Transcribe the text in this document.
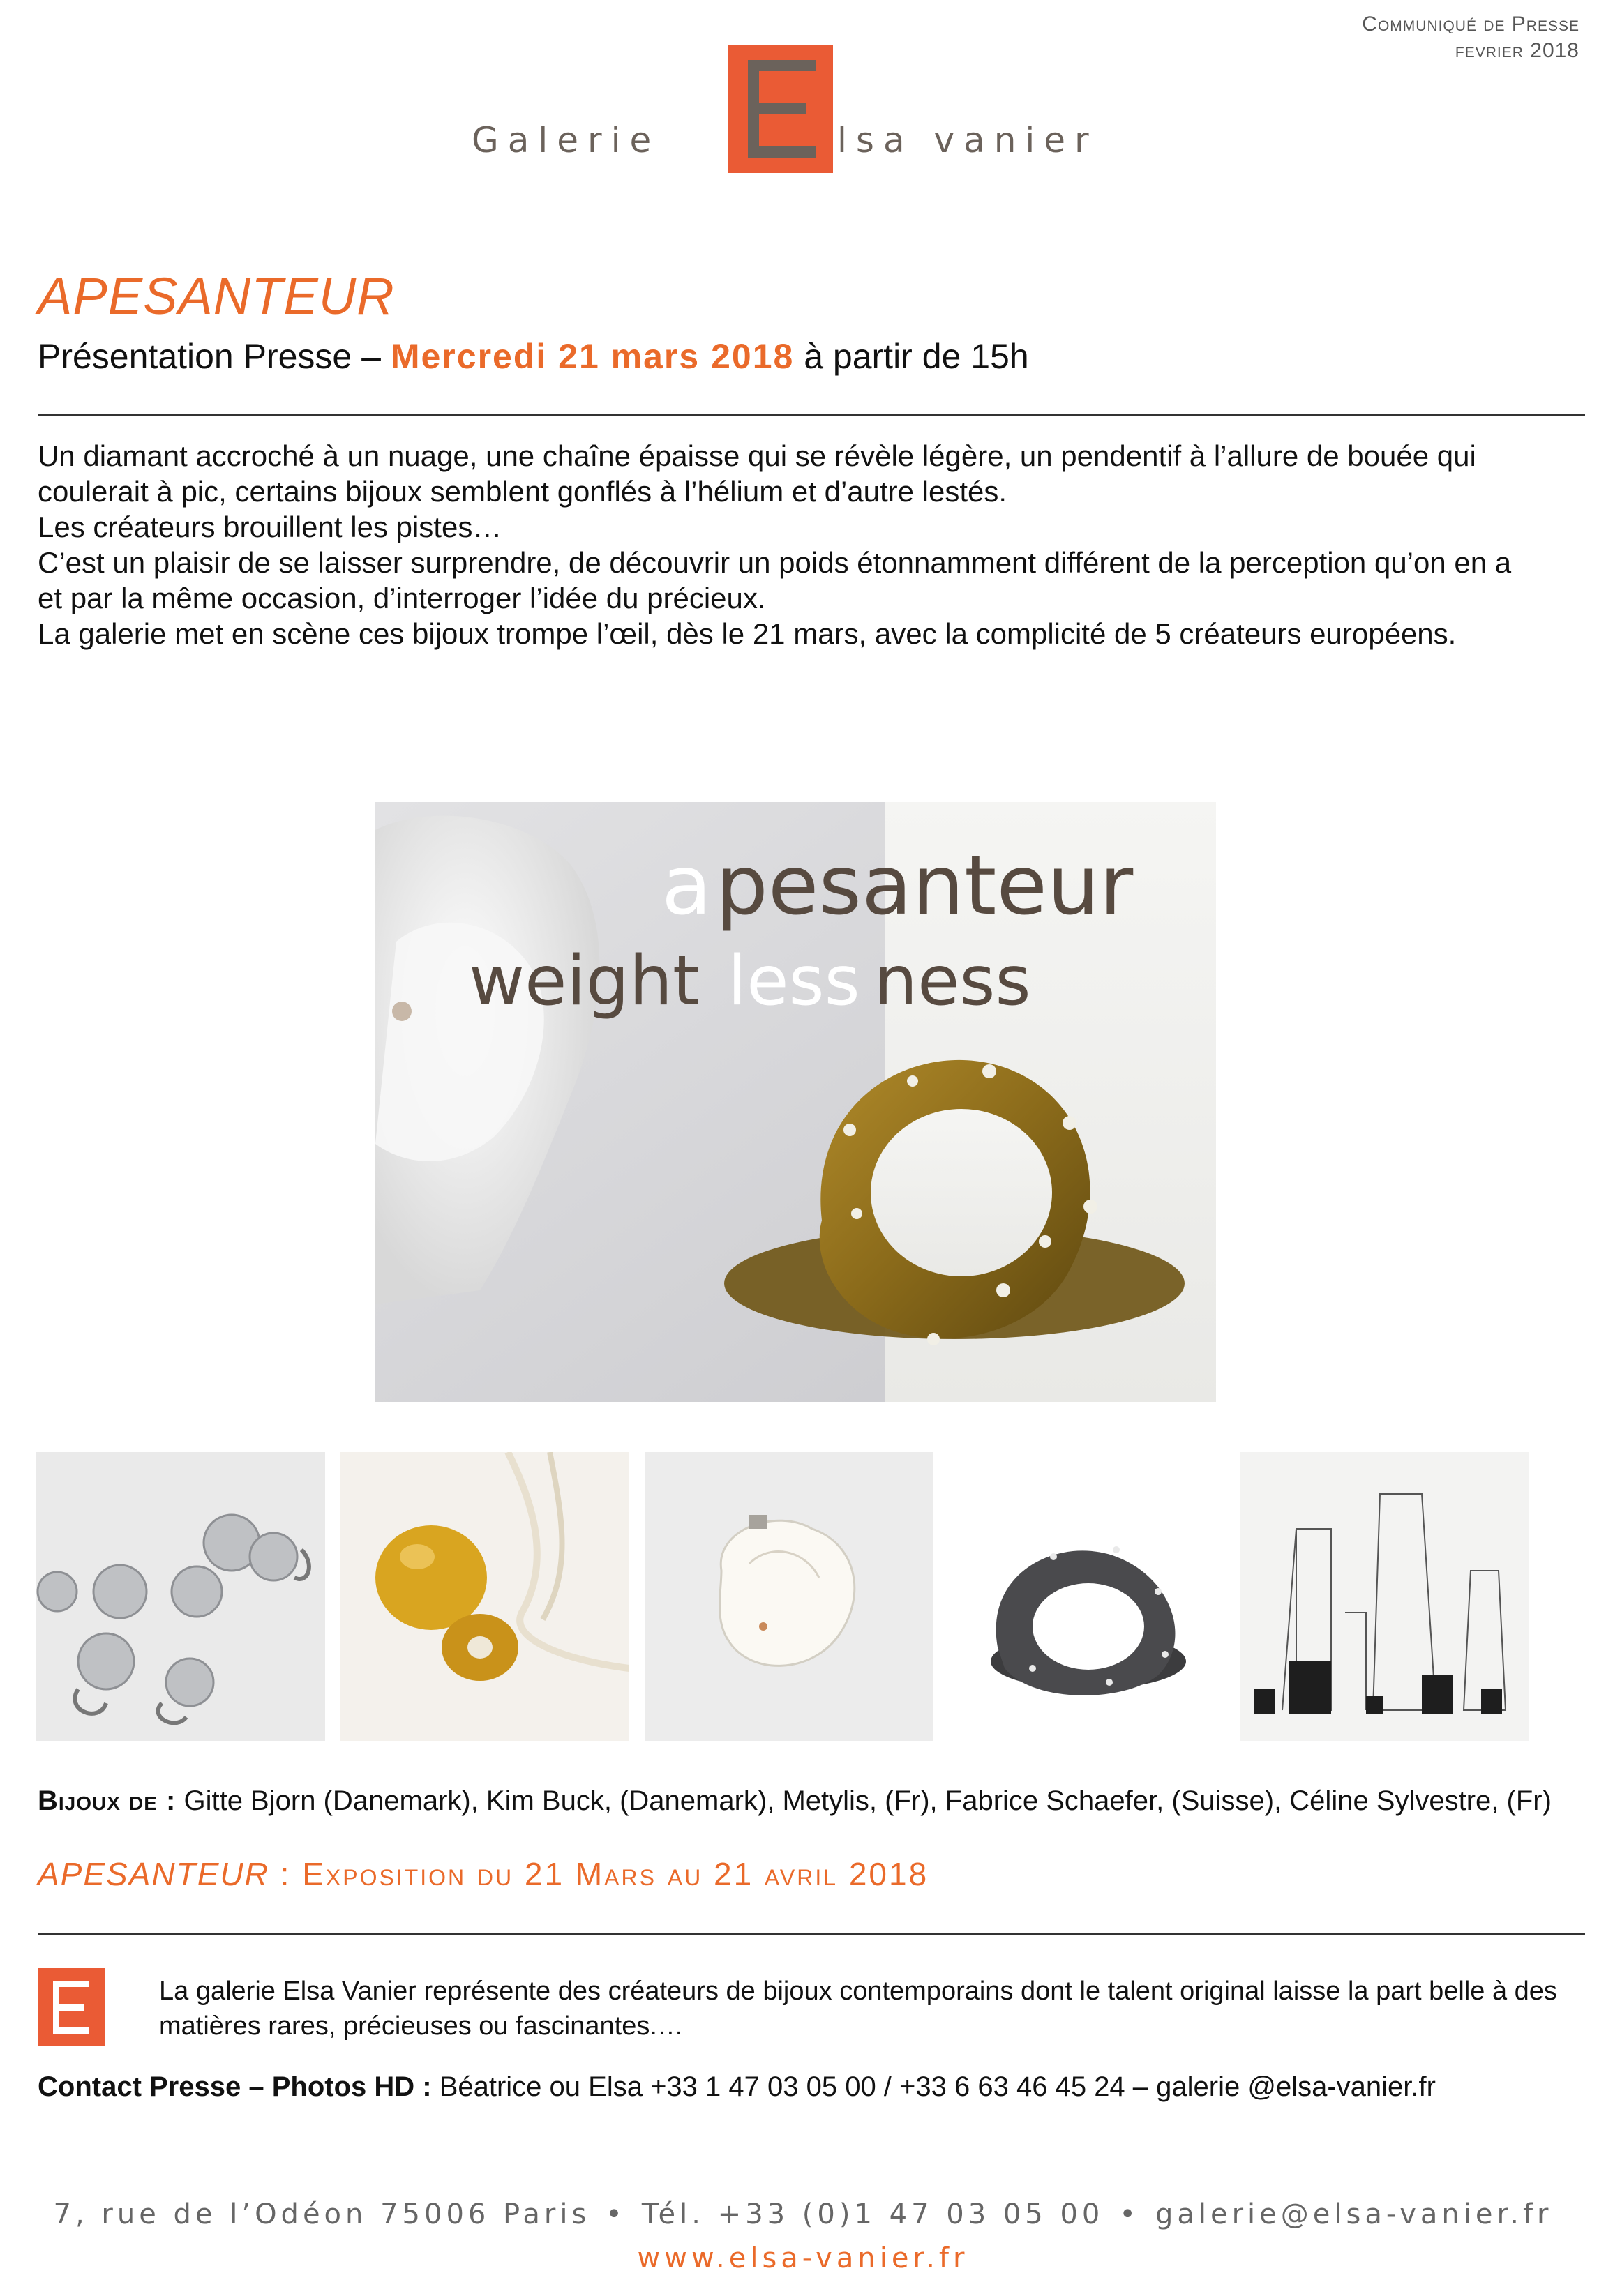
Communiqué de Presse
fevrier 2018
Galerie	lsa vanier
APESANTEUR
Présentation Presse – Mercredi 21 mars 2018 à partir de 15h

Un diamant accroché à un nuage, une chaîne épaisse qui se révèle légère, un pendentif à l’allure de bouée qui coulerait à pic, certains bijoux semblent gonflés à l’hélium et d’autre lestés.

Les créateurs brouillent les pistes…

C’est un plaisir de se laisser surprendre, de découvrir un poids étonnamment différent de la perception qu’on en a et par la même occasion, d’interroger l’idée du précieux.

La galerie met en scène ces bijoux trompe l’œil, dès le 21 mars, avec la complicité de 5 créateurs européens.

a pesanteur
weight less ness
Bijoux de : Gitte Bjorn (Danemark), Kim Buck, (Danemark), Metylis, (Fr), Fabrice Schaefer, (Suisse), Céline Sylvestre, (Fr)
APESANTEUR : Exposition du 21 Mars au 21 avril 2018
La galerie Elsa Vanier représente des créateurs de bijoux contemporains dont le talent original laisse la part belle à des matières rares, précieuses ou fascinantes.…
Contact Presse – Photos HD : Béatrice ou Elsa +33 1 47 03 05 00 / +33 6 63 46 45 24 – galerie @elsa-vanier.fr
7, rue de l’Odéon 75006 Paris • Tél. +33 (0)1 47 03 05 00 • galerie@elsa-vanier.fr
www.elsa-vanier.fr
